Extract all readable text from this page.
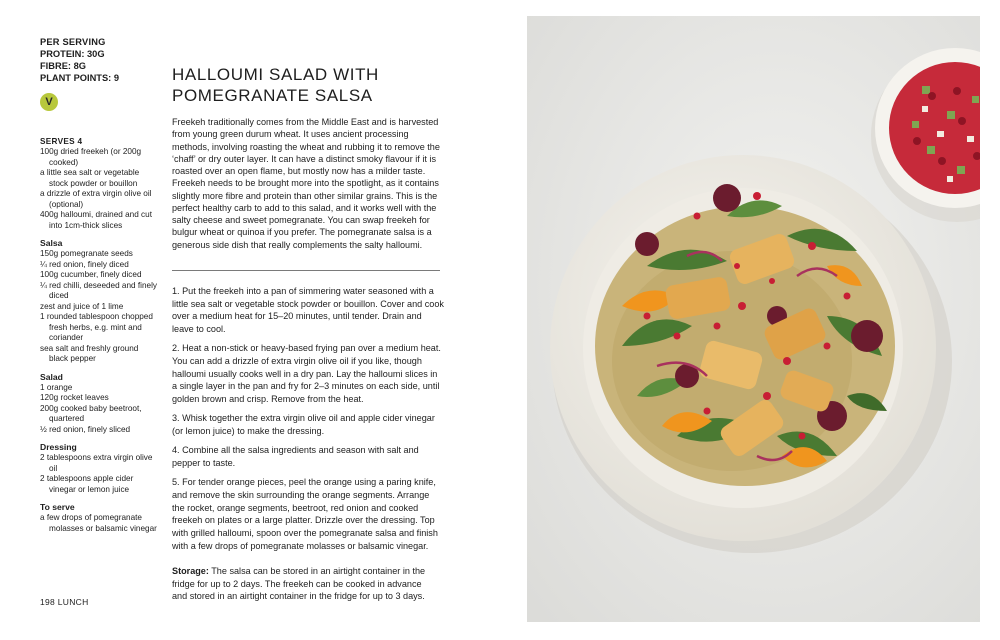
PER SERVING
PROTEIN: 30G
FIBRE: 8G
PLANT POINTS: 9
V
SERVES 4

100g dried freekeh (or 200g cooked)

a little sea salt or vegetable stock powder or bouillon

a drizzle of extra virgin olive oil (optional)

400g halloumi, drained and cut into 1cm-thick slices

Salsa

150g pomegranate seeds

¼ red onion, finely diced

100g cucumber, finely diced

¼ red chilli, deseeded and finely diced

zest and juice of 1 lime

1 rounded tablespoon chopped fresh herbs, e.g. mint and coriander

sea salt and freshly ground black pepper

Salad

1 orange

120g rocket leaves

200g cooked baby beetroot, quartered

½ red onion, finely sliced

Dressing

2 tablespoons extra virgin olive oil

2 tablespoons apple cider vinegar or lemon juice

To serve

a few drops of pomegranate molasses or balsamic vinegar

HALLOUMI SALAD WITH
POMEGRANATE SALSA

Freekeh traditionally comes from the Middle East and is harvested from young green durum wheat. It uses ancient processing methods, involving roasting the wheat and rubbing it to remove the ‘chaff’ or dry outer layer. It can have a distinct smoky flavour if it is roasted over an open flame, but mostly now has a milder taste. Freekeh needs to be brought more into the spotlight, as it contains slightly more fibre and protein than other similar grains. This is the perfect healthy carb to add to this salad, and it works well with the salty cheese and sweet pomegranate. You can swap freekeh for bulgur wheat or quinoa if you prefer. The pomegranate salsa is a generous side dish that really complements the salty halloumi.

1. Put the freekeh into a pan of simmering water seasoned with a little sea salt or vegetable stock powder or bouillon. Cover and cook over a medium heat for 15–20 minutes, until tender. Drain and leave to cool.

2. Heat a non-stick or heavy-based frying pan over a medium heat. You can add a drizzle of extra virgin olive oil if you like, though halloumi usually cooks well in a dry pan. Lay the halloumi slices in a single layer in the pan and fry for 2–3 minutes on each side, until golden brown and crisp. Remove from the heat.

3. Whisk together the extra virgin olive oil and apple cider vinegar (or lemon juice) to make the dressing.

4. Combine all the salsa ingredients and season with salt and pepper to taste.

5. For tender orange pieces, peel the orange using a paring knife, and remove the skin surrounding the orange segments. Arrange the rocket, orange segments, beetroot, red onion and cooked freekeh on plates or a large platter. Drizzle over the dressing. Top with grilled halloumi, spoon over the pomegranate salsa and finish with a few drops of pomegranate molasses or balsamic vinegar.

Storage: The salsa can be stored in an airtight container in the fridge for up to 2 days. The freekeh can be cooked in advance and stored in an airtight container in the fridge for up to 3 days.

198 LUNCH
